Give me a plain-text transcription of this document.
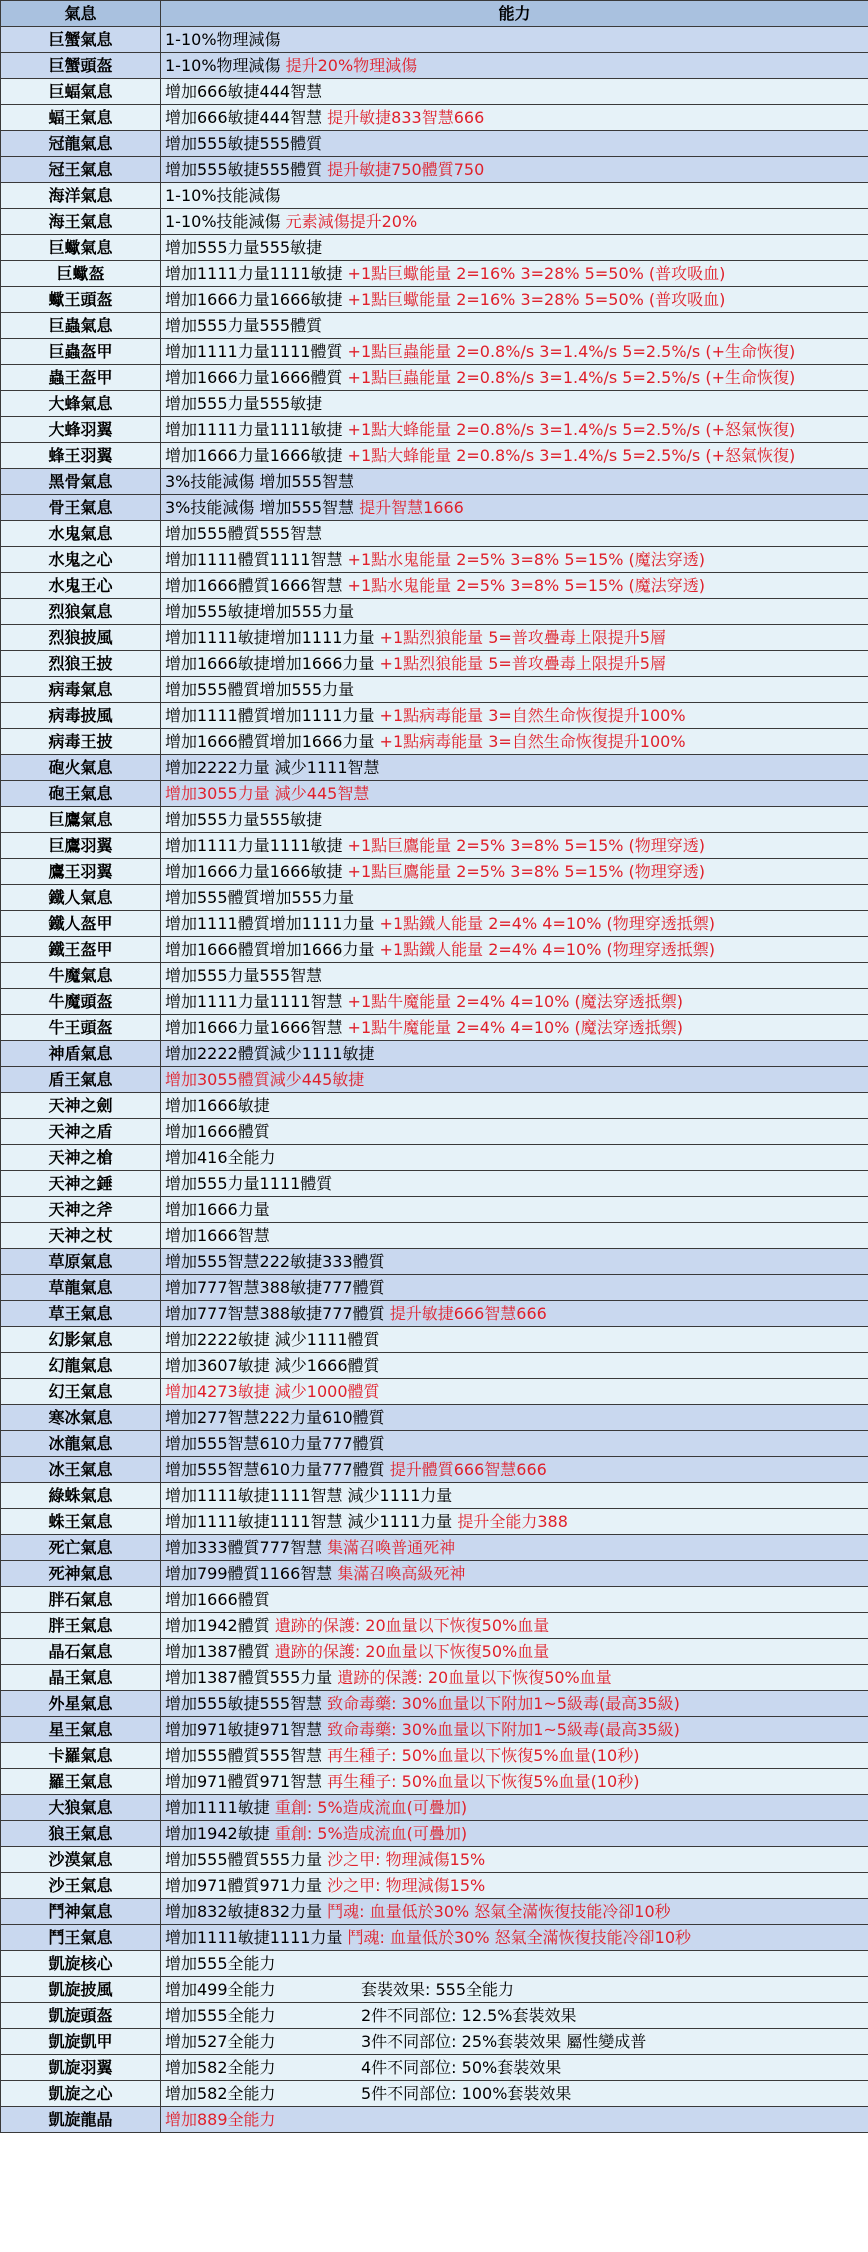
氣息	能力
巨蟹氣息	1-10%物理減傷

巨蟹頭盔	1-10%物理減傷 提升20%物理減傷

巨蝠氣息	增加666敏捷444智慧

蝠王氣息	增加666敏捷444智慧 提升敏捷833智慧666

冠龍氣息	增加555敏捷555體質

冠王氣息	增加555敏捷555體質 提升敏捷750體質750

海洋氣息	1-10%技能減傷

海王氣息	1-10%技能減傷 元素減傷提升20%

巨蠍氣息	增加555力量555敏捷

巨蠍盔	增加1111力量1111敏捷 +1點巨蠍能量 2=16% 3=28% 5=50% (普攻吸血)

蠍王頭盔	增加1666力量1666敏捷 +1點巨蠍能量 2=16% 3=28% 5=50% (普攻吸血)

巨蟲氣息	增加555力量555體質

巨蟲盔甲	增加1111力量1111體質 +1點巨蟲能量 2=0.8%/s 3=1.4%/s 5=2.5%/s (+生命恢復)

蟲王盔甲	增加1666力量1666體質 +1點巨蟲能量 2=0.8%/s 3=1.4%/s 5=2.5%/s (+生命恢復)

大蜂氣息	增加555力量555敏捷

大蜂羽翼	增加1111力量1111敏捷 +1點大蜂能量 2=0.8%/s 3=1.4%/s 5=2.5%/s (+怒氣恢復)

蜂王羽翼	增加1666力量1666敏捷 +1點大蜂能量 2=0.8%/s 3=1.4%/s 5=2.5%/s (+怒氣恢復)

黑骨氣息	3%技能減傷 增加555智慧

骨王氣息	3%技能減傷 增加555智慧 提升智慧1666

水鬼氣息	增加555體質555智慧

水鬼之心	增加1111體質1111智慧 +1點水鬼能量 2=5% 3=8% 5=15% (魔法穿透)

水鬼王心	增加1666體質1666智慧 +1點水鬼能量 2=5% 3=8% 5=15% (魔法穿透)

烈狼氣息	增加555敏捷增加555力量

烈狼披風	增加1111敏捷增加1111力量 +1點烈狼能量 5=普攻疊毒上限提升5層

烈狼王披	增加1666敏捷增加1666力量 +1點烈狼能量 5=普攻疊毒上限提升5層

病毒氣息	增加555體質增加555力量

病毒披風	增加1111體質增加1111力量 +1點病毒能量 3=自然生命恢復提升100%

病毒王披	增加1666體質增加1666力量 +1點病毒能量 3=自然生命恢復提升100%

砲火氣息	增加2222力量 減少1111智慧

砲王氣息	增加3055力量 減少445智慧

巨鷹氣息	增加555力量555敏捷

巨鷹羽翼	增加1111力量1111敏捷 +1點巨鷹能量 2=5% 3=8% 5=15% (物理穿透)

鷹王羽翼	增加1666力量1666敏捷 +1點巨鷹能量 2=5% 3=8% 5=15% (物理穿透)

鐵人氣息	增加555體質增加555力量

鐵人盔甲	增加1111體質增加1111力量 +1點鐵人能量 2=4% 4=10% (物理穿透抵禦)

鐵王盔甲	增加1666體質增加1666力量 +1點鐵人能量 2=4% 4=10% (物理穿透抵禦)

牛魔氣息	增加555力量555智慧

牛魔頭盔	增加1111力量1111智慧 +1點牛魔能量 2=4% 4=10% (魔法穿透抵禦)

牛王頭盔	增加1666力量1666智慧 +1點牛魔能量 2=4% 4=10% (魔法穿透抵禦)

神盾氣息	增加2222體質減少1111敏捷

盾王氣息	增加3055體質減少445敏捷

天神之劍	增加1666敏捷

天神之盾	增加1666體質

天神之槍	增加416全能力

天神之錘	增加555力量1111體質

天神之斧	增加1666力量

天神之杖	增加1666智慧

草原氣息	增加555智慧222敏捷333體質

草龍氣息	增加777智慧388敏捷777體質

草王氣息	增加777智慧388敏捷777體質 提升敏捷666智慧666

幻影氣息	增加2222敏捷 減少1111體質

幻龍氣息	增加3607敏捷 減少1666體質

幻王氣息	增加4273敏捷 減少1000體質

寒冰氣息	增加277智慧222力量610體質

冰龍氣息	增加555智慧610力量777體質

冰王氣息	增加555智慧610力量777體質 提升體質666智慧666

綠蛛氣息	增加1111敏捷1111智慧 減少1111力量

蛛王氣息	增加1111敏捷1111智慧 減少1111力量 提升全能力388

死亡氣息	增加333體質777智慧 集滿召喚普通死神

死神氣息	增加799體質1166智慧 集滿召喚高級死神

胖石氣息	增加1666體質

胖王氣息	增加1942體質 遺跡的保護: 20血量以下恢復50%血量

晶石氣息	增加1387體質 遺跡的保護: 20血量以下恢復50%血量

晶王氣息	增加1387體質555力量 遺跡的保護: 20血量以下恢復50%血量

外星氣息	增加555敏捷555智慧 致命毒藥: 30%血量以下附加1~5級毒(最高35級)

星王氣息	增加971敏捷971智慧 致命毒藥: 30%血量以下附加1~5級毒(最高35級)

卡羅氣息	增加555體質555智慧 再生種子: 50%血量以下恢復5%血量(10秒)

羅王氣息	增加971體質971智慧 再生種子: 50%血量以下恢復5%血量(10秒)

大狼氣息	增加1111敏捷 重創: 5%造成流血(可疊加)

狼王氣息	增加1942敏捷 重創: 5%造成流血(可疊加)

沙漠氣息	增加555體質555力量 沙之甲: 物理減傷15%

沙王氣息	增加971體質971力量 沙之甲: 物理減傷15%

鬥神氣息	增加832敏捷832力量 鬥魂: 血量低於30% 怒氣全滿恢復技能冷卻10秒

鬥王氣息	增加1111敏捷1111力量 鬥魂: 血量低於30% 怒氣全滿恢復技能冷卻10秒

凱旋核心	增加555全能力

凱旋披風	增加499全能力 套裝效果: 555全能力

凱旋頭盔	增加555全能力 2件不同部位: 12.5%套裝效果

凱旋凱甲	增加527全能力 3件不同部位: 25%套裝效果 屬性變成普

凱旋羽翼	增加582全能力 4件不同部位: 50%套裝效果

凱旋之心	增加582全能力 5件不同部位: 100%套裝效果

凱旋龍晶	增加889全能力
